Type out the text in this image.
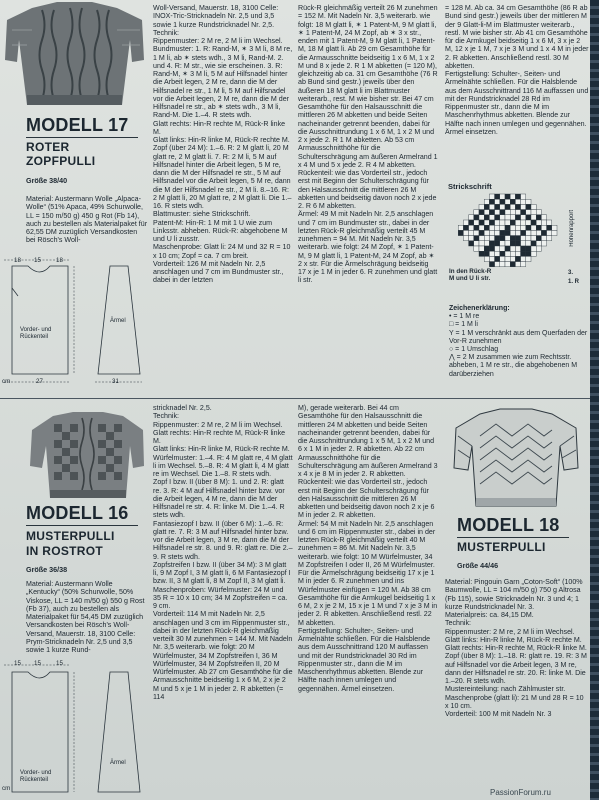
MODELL 17
ROTER
ZOPFPULLI
Größe 38/40

Material: Austermann Wolle „Alpaca-Wolle“ (51% Apaca, 49% Schurwolle, LL = 150 m/50 g) 450 g Rot (Fb 14), auch zu bestellen als Materialpaket für 62,55 DM zuzüglich Versandkosten bei Rösch's Woll-

18 15 18
Vorder- und Rückenteil
Ärmel
27	31
cm

Woll-Versand, Mauerstr. 18, 3100 Celle: INOX-Tric-Stricknadeln Nr. 2,5 und 3,5 sowie 1 kurze Rundstricknadel Nr. 2,5.
Technik:
Rippenmuster: 2 M re, 2 M li im Wechsel.
Bundmuster: 1. R: Rand-M, ✶ 3 M li, 8 M re, 1 M li, ab ✶ stets wdh., 3 M li, Rand-M. 2. und 4. R: M str., wie sie erscheinen. 3. R: Rand-M, ✶ 3 M li, 5 M auf Hilfsnadel hinter die Arbeit legen, 2 M re, dann die M der Hilfsnadel re str., 1 M li, 5 M auf Hilfsnadel vor die Arbeit legen, 2 M re, dann die M der Hilfsnadel re str., ab ✶ stets wdh., 3 M li, Rand-M. Die 1.–4. R stets wdh.
Glatt rechts: Hin-R rechte M, Rück-R linke M.
Glatt links: Hin-R linke M, Rück-R rechte M.
Zopf (über 24 M): 1.–6. R: 2 M glatt li, 20 M glatt re, 2 M glatt li. 7. R: 2 M li, 5 M auf Hilfsnadel hinter die Arbeit legen, 5 M re, dann die M der Hilfsnadel re str., 5 M auf Hilfsnadel vor die Arbeit legen, 5 M re, dann die M der Hilfsnadel re str., 2 M li. 8.–16. R: 2 M glatt li, 20 M glatt re, 2 M glatt li. Die 1.–16. R stets wdh.
Blattmuster: siehe Strickschrift.
Patent-M: Hin-R: 1 M mit 1 U wie zum Linksstr. abheben. Rück-R: abgehobene M und U li zusstr.
Maschenprobe: Glatt li: 24 M und 32 R = 10 x 10 cm; Zopf = ca. 7 cm breit.
Vorderteil: 126 M mit Nadeln Nr. 2,5 anschlagen und 7 cm im Bundmuster str., dabei in der letzten

Rück-R gleichmäßig verteilt 26 M zunehmen = 152 M. Mit Nadeln Nr. 3,5 weiterarb. wie folgt: 18 M glatt li, ✶ 1 Patent-M, 9 M glatt li, ✶ 1 Patent-M, 24 M Zopf, ab ✶ 3 x str., enden mit 1 Patent-M, 9 M glatt li, 1 Patent-M, 18 M glatt li. Ab 29 cm Gesamthöhe für die Armausschnitte beidseitig 1 x 6 M, 1 x 2 M und 8 x jede 2. R 1 M abketten (= 120 M), gleichzeitig ab ca. 31 cm Gesamthöhe (76 R ab Bund sind gestr.) jeweils über den äußeren 18 M glatt li im Blattmuster weiterarb., rest. M wie bisher str. Bei 47 cm Gesamthöhe für den Halsausschnitt die mittleren 26 M abketten und beide Seiten nacheinander getrennt beenden, dabei für die Ausschnittrundung 1 x 6 M, 1 x 2 M und 2 x jede 2. R 1 M abketten. Ab 53 cm Armausschnitthöhe für die Schulterschrägung am äußeren Armelrand 1 x 4 M und 5 x jede 2. R 4 M abketten.
Rückenteil: wie das Vorderteil str., jedoch erst mit Beginn der Schulterschrägung für den Halsausschnitt die mittleren 26 M abketten und beidseitig davon noch 2 x jede 2. R 6 M abketten.
Ärmel: 49 M mit Nadeln Nr. 2,5 anschlagen und 7 cm im Bundmuster str., dabei in der letzten Rück-R gleichmäßig verteilt 45 M zunehmen = 94 M. Mit Nadeln Nr. 3,5 weiterarb. wie folgt: 24 M Zopf, ✶ 1 Patent-M, 9 M glatt li, 1 Patent-M, 24 M Zopf, ab ✶ 2 x str. Für die Ärmelschrägung beidseitig 17 x je 1 M in jeder 6. R zunehmen und glatt li str.

= 128 M. Ab ca. 34 cm Gesamthöhe (86 R ab Bund sind gestr.) jeweils über der mittleren M der 9 Glatt-li-M im Blattmuster weiterarb., restl. M wie bisher str. Ab 41 cm Gesamthöhe für die Armkugel beidseitig 1 x 6 M, 3 x je 2 M, 12 x je 1 M, 7 x je 3 M und 1 x 4 M in jeder 2. R abketten. Anschließend restl. 30 M abketten.
Fertigstellung: Schulter-, Seiten- und Ärmelnähte schließen. Für die Halsblende aus dem Ausschnittrand 116 M auffassen und mit der Rundstricknadel 28 Rd im Rippenmuster str., dann die M im Maschenrhythmus abketten. Blende zur Hälfte nach innen umlegen und gegennähen. Ärmel einsetzen.

Strickschrift
Höhenrapport
In den Rück-R M und U li str.
3.
1. R
Zeichenerklärung:
• = 1 M re
□ = 1 M li
Y = 1 M verschränkt aus dem Querfaden der Vor-R zunehmen
○ = 1 Umschlag
⋀ = 2 M zusammen wie zum Rechtsstr. abheben, 1 M re str., die abgehobenen M darüberziehen
MODELL 16
MUSTERPULLI
IN ROSTROT
Größe 36/38

Material: Austermann Wolle „Kentucky“ (50% Schurwolle, 50% Viskose, LL = 140 m/50 g) 550 g Rost (Fb 37), auch zu bestellen als Materialpaket für 54,45 DM zuzüglich Versandkosten bei Rösch's Woll-Versand, Mauerstr. 18, 3100 Celle: Prym-Stricknadeln Nr. 2,5 und 3,5 sowie 1 kurze Rund-

15 15 15
Vorder- und Rückenteil
Ärmel
cm

stricknadel Nr. 2,5.
Technik:
Rippenmuster: 2 M re, 2 M li im Wechsel.
Glatt rechts: Hin-R rechte M, Rück-R linke M.
Glatt links: Hin-R linke M, Rück-R rechte M.
Würfelmuster: 1.–4. R: 4 M glatt re, 4 M glatt li im Wechsel. 5.–8. R: 4 M glatt li, 4 M glatt re im Wechsel. Die 1.–8. R stets wdh.
Zopf I bzw. II (über 8 M): 1. und 2. R: glatt re. 3. R: 4 M auf Hilfsnadel hinter bzw. vor die Arbeit legen, 4 M re, dann die M der Hilfsnadel re str. 4. R: linke M. Die 1.–4. R stets wdh.
Fantasiezopf I bzw. II (über 6 M): 1.–6. R: glatt re. 7. R: 3 M auf Hilfsnadel hinter bzw. vor die Arbeit legen, 3 M re, dann die M der Hilfsnadel re str. 8. und 9. R: glatt re. Die 2.–9. R stets wdh.
Zopfstreifen I bzw. II (über 34 M): 3 M glatt li, 9 M Zopf I, 3 M glatt li, 6 M Fantasiezopf I bzw. II, 3 M glatt li, 8 M Zopf II, 3 M glatt li.
Maschenproben: Würfelmuster: 24 M und 35 R = 10 x 10 cm; 34 M Zopfstreifen = ca. 9 cm.
Vorderteil: 114 M mit Nadeln Nr. 2,5 anschlagen und 3 cm im Rippenmuster str., dabei in der letzten Rück-R gleichmäßig verteilt 30 M zunehmen = 144 M. Mit Nadeln Nr. 3,5 weiterarb. wie folgt: 20 M Würfelmuster, 34 M Zopfstreifen I, 36 M Würfelmuster, 34 M Zopfstreifen II, 20 M Würfelmuster. Ab 27 cm Gesamthöhe für die Armausschnitte beidseitig 1 x 6 M, 2 x je 2 M und 5 x je 1 M in jeder 2. R abketten (= 114

M), gerade weiterarb. Bei 44 cm Gesamthöhe für den Halsausschnitt die mittleren 24 M abketten und beide Seiten nacheinander getrennt beenden, dabei für die Ausschnittrundung 1 x 5 M, 1 x 2 M und 6 x 1 M in jeder 2. R abketten. Ab 22 cm Armausschnitthöhe für die Schulterschrägung am äußeren Armelrand 3 x 4 x je 8 M in jeder 2. R abketten.
Rückenteil: wie das Vorderteil str., jedoch erst mit Beginn der Schulterschrägung für den Halsausschnitt die mittleren 26 M abketten und beidseitig davon noch 2 x je 6 M in jeder 2. R abketten.
Ärmel: 54 M mit Nadeln Nr. 2,5 anschlagen und 6 cm im Rippenmuster str., dabei in der letzten Rück-R gleichmäßig verteilt 40 M zunehmen = 86 M. Mit Nadeln Nr. 3,5 weiterarb. wie folgt: 10 M Würfelmuster, 34 M Zopfstreifen I oder II, 26 M Würfelmuster. Für die Ärmelschrägung beidseitig 17 x je 1 M in jeder 6. R zunehmen und ins Würfelmuster einfügen = 120 M. Ab 38 cm Gesamthöhe für die Armkugel beidseitig 1 x 6 M, 2 x je 2 M, 15 x je 1 M und 7 x je 3 M in jeder 2. R abketten. Anschließend restl. 22 M abketten.
Fertigstellung: Schulter-, Seiten- und Ärmelnähte schließen. Für die Halsblende aus dem Ausschnittrand 120 M auffassen und mit der Rundstricknadel 30 Rd im Rippenmuster str., dann die M im Maschenrhythmus abketten. Blende zur Hälfte nach innen umlegen und gegennähen. Ärmel einsetzen.

MODELL 18
MUSTERPULLI
Größe 44/46

Material: Pingouin Garn „Coton-Soft“ (100% Baumwolle, LL = 104 m/50 g) 750 g Altrosa (Fb 115), sowie Stricknadeln Nr. 3 und 4; 1 kurze Rundstricknadel Nr. 3.
Materialpreis: ca. 84,15 DM.
Technik:
Rippenmuster: 2 M re, 2 M li im Wechsel.
Glatt links: Hin-R linke M, Rück-R rechte M.
Glatt rechts: Hin-R rechte M, Rück-R linke M.
Zopf (über 8 M): 1.–18. R: glatt re. 19. R: 3 M auf Hilfsnadel vor die Arbeit legen, 3 M re, dann der Hilfsnadel re str. 20. R: linke M. Die 1.–20. R stets wdh.
Mustereinteilung: nach Zählmuster str.
Maschenprobe (glatt li): 21 M und 28 R = 10 x 10 cm.
Vorderteil: 100 M mit Nadeln Nr. 3

PassionForum.ru
